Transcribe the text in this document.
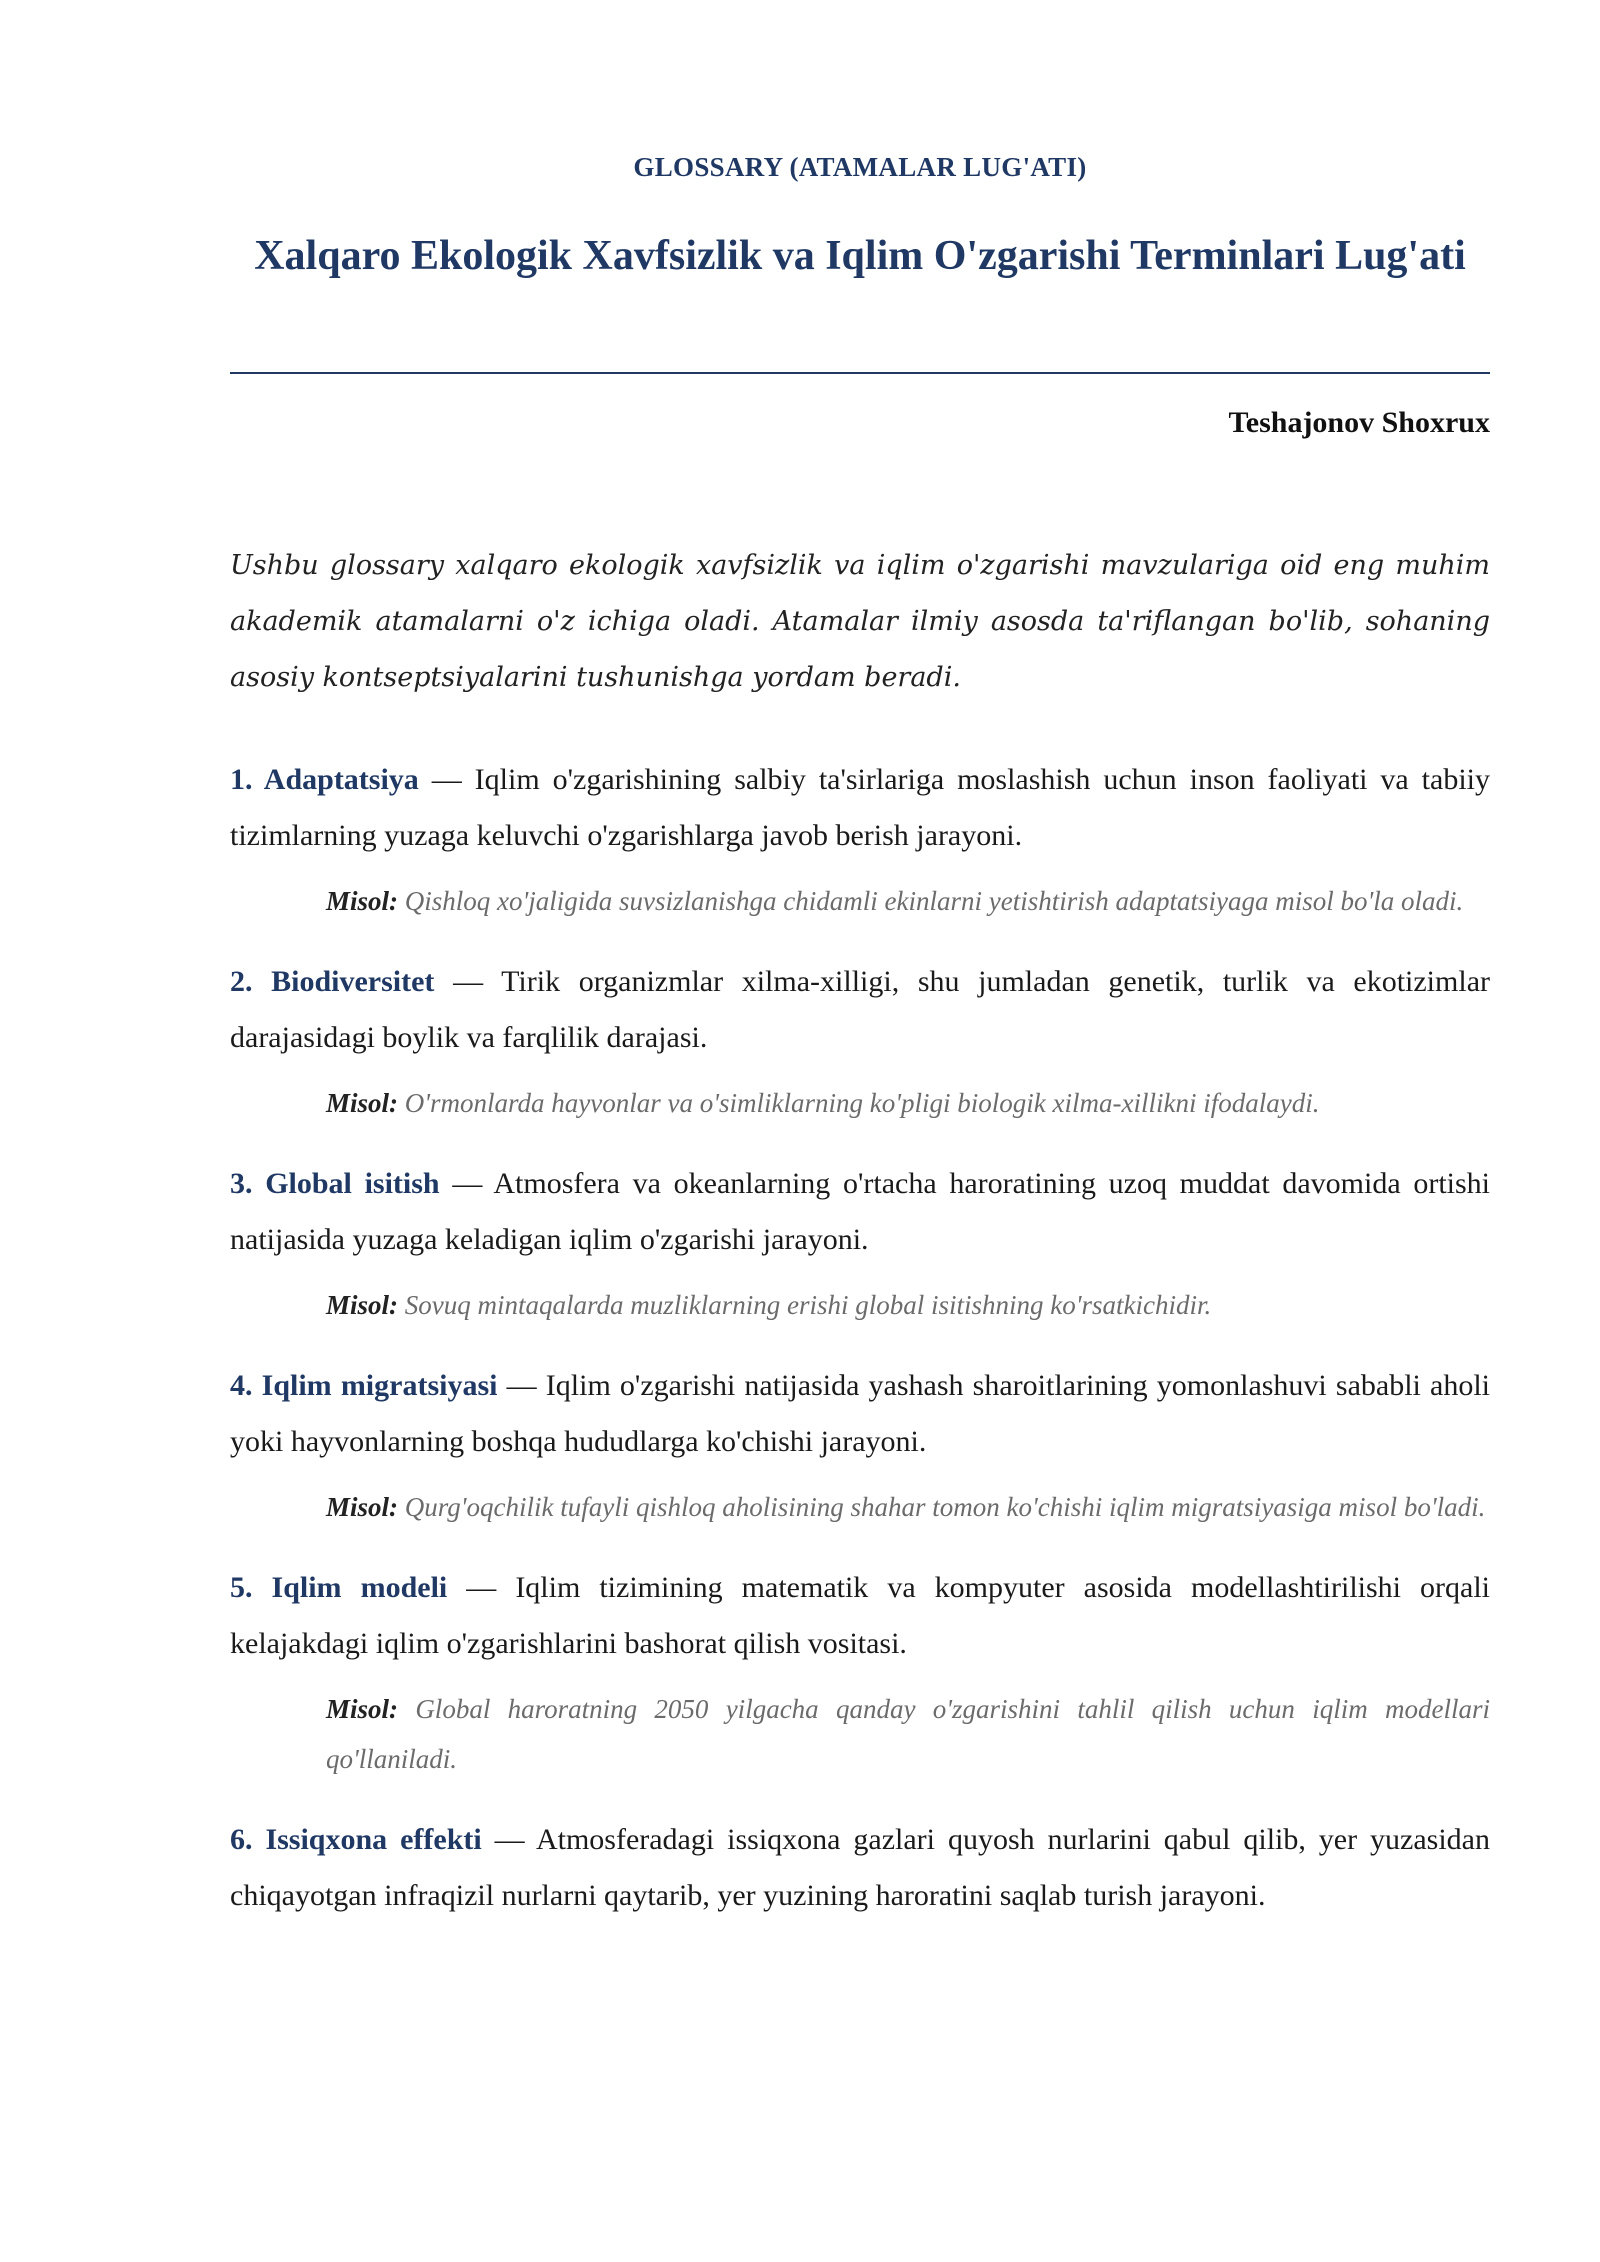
GLOSSARY (ATAMALAR LUG'ATI)
Xalqaro Ekologik Xavfsizlik va Iqlim O'zgarishi Terminlari Lug'ati
Teshajonov Shoxrux

Ushbu glossary xalqaro ekologik xavfsizlik va iqlim o'zgarishi mavzulariga oid eng muhim akademik atamalarni o'z ichiga oladi. Atamalar ilmiy asosda ta'riflangan bo'lib, sohaning asosiy kontseptsiyalarini tushunishga yordam beradi.

1. Adaptatsiya — Iqlim o'zgarishining salbiy ta'sirlariga moslashish uchun inson faoliyati va tabiiy tizimlarning yuzaga keluvchi o'zgarishlarga javob berish jarayoni.

Misol: Qishloq xo'jaligida suvsizlanishga chidamli ekinlarni yetishtirish adaptatsiyaga misol bo'la oladi.

2. Biodiversitet — Tirik organizmlar xilma-xilligi, shu jumladan genetik, turlik va ekotizimlar darajasidagi boylik va farqlilik darajasi.

Misol: O'rmonlarda hayvonlar va o'simliklarning ko'pligi biologik xilma-xillikni ifodalaydi.

3. Global isitish — Atmosfera va okeanlarning o'rtacha haroratining uzoq muddat davomida ortishi natijasida yuzaga keladigan iqlim o'zgarishi jarayoni.

Misol: Sovuq mintaqalarda muzliklarning erishi global isitishning ko'rsatkichidir.

4. Iqlim migratsiyasi — Iqlim o'zgarishi natijasida yashash sharoitlarining yomonlashuvi sababli aholi yoki hayvonlarning boshqa hududlarga ko'chishi jarayoni.

Misol: Qurg'oqchilik tufayli qishloq aholisining shahar tomon ko'chishi iqlim migratsiyasiga misol bo'ladi.

5. Iqlim modeli — Iqlim tizimining matematik va kompyuter asosida modellashtirilishi orqali kelajakdagi iqlim o'zgarishlarini bashorat qilish vositasi.

Misol: Global haroratning 2050 yilgacha qanday o'zgarishini tahlil qilish uchun iqlim modellari qo'llaniladi.

6. Issiqxona effekti — Atmosferadagi issiqxona gazlari quyosh nurlarini qabul qilib, yer yuzasidan chiqayotgan infraqizil nurlarni qaytarib, yer yuzining haroratini saqlab turish jarayoni.
